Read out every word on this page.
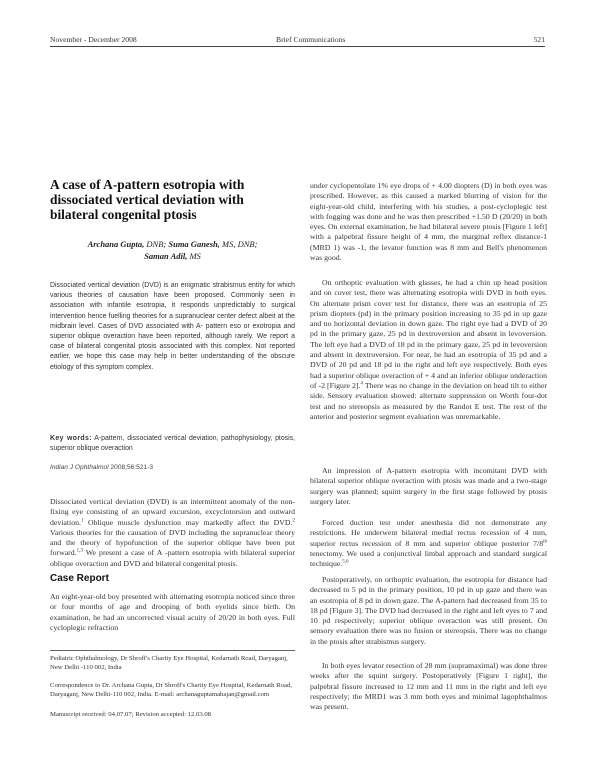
November - December 2008	Brief Communications	521
A case of A-pattern esotropia with dissociated vertical deviation with bilateral congenital ptosis

Archana Gupta, DNB; Suma Ganesh, MS, DNB;
Saman Adil, MS

Dissociated vertical deviation (DVD) is an enigmatic strabismus entity for which various theories of causation have been proposed. Commonly seen in association with infantile esotropia, it responds unpredictably to surgical intervention hence fuelling theories for a supranuclear center defect albeit at the midbrain level. Cases of DVD associated with A- pattern eso or exotropia and superior oblique overaction have been reported, although rarely. We report a case of bilateral congenital ptosis associated with this complex. Not reported earlier, we hope this case may help in better understanding of the obscure etiology of this symptom complex.

Key words: A-pattern, dissociated vertical deviation, pathophysiology, ptosis, superior oblique overaction

Indian J Ophthalmol 2008;56:521-3

Dissociated vertical deviation (DVD) is an intermittent anomaly of the non-fixing eye consisting of an upward excursion, excyclotorsion and outward deviation.$^1$ Oblique muscle dysfunction may markedly affect the DVD.$^2$ Various theories for the causation of DVD including the supranuclear theory and the theory of hypofunction of the superior oblique have been put forward.$^{1,3}$ We present a case of A -pattern esotropia with bilateral superior oblique overaction and DVD and bilateral congenital ptosis.

Case Report

An eight-year-old boy presented with alternating esotropia noticed since three or four months of age and drooping of both eyelids since birth. On examination, he had an uncorrected visual acuity of 20/20 in both eyes. Full cycloplegic refraction

Pediatric Ophthalmology, Dr Shroff's Charity Eye Hospital, Kedarnath Road, Daryaganj, New Delhi -110 002, India

Correspondence to Dr. Archana Gupta, Dr Shroff's Charity Eye Hospital, Kedarnath Road, Daryaganj, New Delhi-110 002, India. E-mail: archanaguptamahajan@gmail.com

Manuscript received: 04.07.07; Revision accepted: 12.03.08

under cyclopentolate 1% eye drops of + 4.00 diopters (D) in both eyes was prescribed. However, as this caused a marked blurring of vision for the eight-year-old child, interfering with his studies, a post-cycloplegic test with fogging was done and he was then prescribed +1.50 D (20/20) in both eyes. On external examination, he had bilateral severe ptosis [Figure 1 left] with a palpebral fissure height of 4 mm, the marginal reflex distance-1 (MRD 1) was -1, the levator function was 8 mm and Bell's phenomenon was good.

On orthoptic evaluation with glasses, he had a chin up head position and on cover test, there was alternating esotropia with DVD in both eyes. On alternate prism cover test for distance, there was an esotropia of 25 prism diopters (pd) in the primary position increasing to 35 pd in up gaze and no horizontal deviation in down gaze. The right eye had a DVD of 20 pd in the primary gaze, 25 pd in dextroversion and absent in levoversion. The left eye had a DVD of 18 pd in the primary gaze, 25 pd in levoversion and absent in dextroversion. For near, he had an esotropia of 35 pd and a DVD of 20 pd and 18 pd in the right and left eye respectively. Both eyes had a superior oblique overaction of + 4 and an inferior oblique underaction of -2 [Figure 2].$^4$ There was no change in the deviation on head tilt to either side. Sensory evaluation showed: alternate suppression on Worth four-dot test and no stereopsis as measured by the Randot E test. The rest of the anterior and posterior segment evaluation was unremarkable.

An impression of A-pattern esotropia with incomitant DVD with bilateral superior oblique overaction with ptosis was made and a two-stage surgery was planned; squint surgery in the first stage followed by ptosis surgery later.

Forced duction test under anesthesia did not demonstrate any restrictions. He underwent bilateral medial rectus recession of 4 mm, superior rectus recession of 8 mm and superior oblique posterior 7/8th tenectomy. We used a conjunctival limbal approach and standard surgical technique.$^{5,6}$

Postoperatively, on orthoptic evaluation, the esotropia for distance had decreased to 5 pd in the primary position, 10 pd in up gaze and there was an esotropia of 8 pd in down gaze. The A-pattern had decreased from 35 to 18 pd [Figure 3]. The DVD had decreased in the right and left eyes to 7 and 10 pd respectively; superior oblique overaction was still present. On sensory evaluation there was no fusion or stereopsis. There was no change in the ptosis after strabismus surgery.

In both eyes levator resection of 28 mm (supramaximal) was done three weeks after the squint surgery. Postoperatively [Figure 1 right], the palpebral fissure increased to 12 mm and 11 mm in the right and left eye respectively; the MRD1 was 3 mm both eyes and minimal lagophthalmos was present.
